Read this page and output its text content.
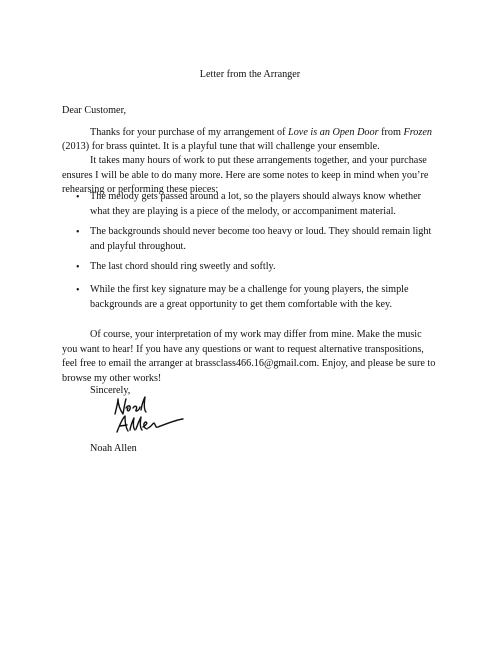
Letter from the Arranger
Dear Customer,
Thanks for your purchase of my arrangement of Love is an Open Door from Frozen
(2013) for brass quintet. It is a playful tune that will challenge your ensemble.
It takes many hours of work to put these arrangements together, and your purchase ensures I will be able to do many more. Here are some notes to keep in mind when you’re rehearsing or performing these pieces:
• The melody gets passed around a lot, so the players should always know whether what they are playing is a piece of the melody, or accompaniment material.
• The backgrounds should never become too heavy or loud. They should remain light and playful throughout.
• The last chord should ring sweetly and softly.
• While the first key signature may be a challenge for young players, the simple backgrounds are a great opportunity to get them comfortable with the key.
Of course, your interpretation of my work may differ from mine. Make the music you want to hear! If you have any questions or want to request alternative transpositions, feel free to email the arranger at brassclass466.16@gmail.com. Enjoy, and please be sure to browse my other works!
Sincerely,
Noah Allen
